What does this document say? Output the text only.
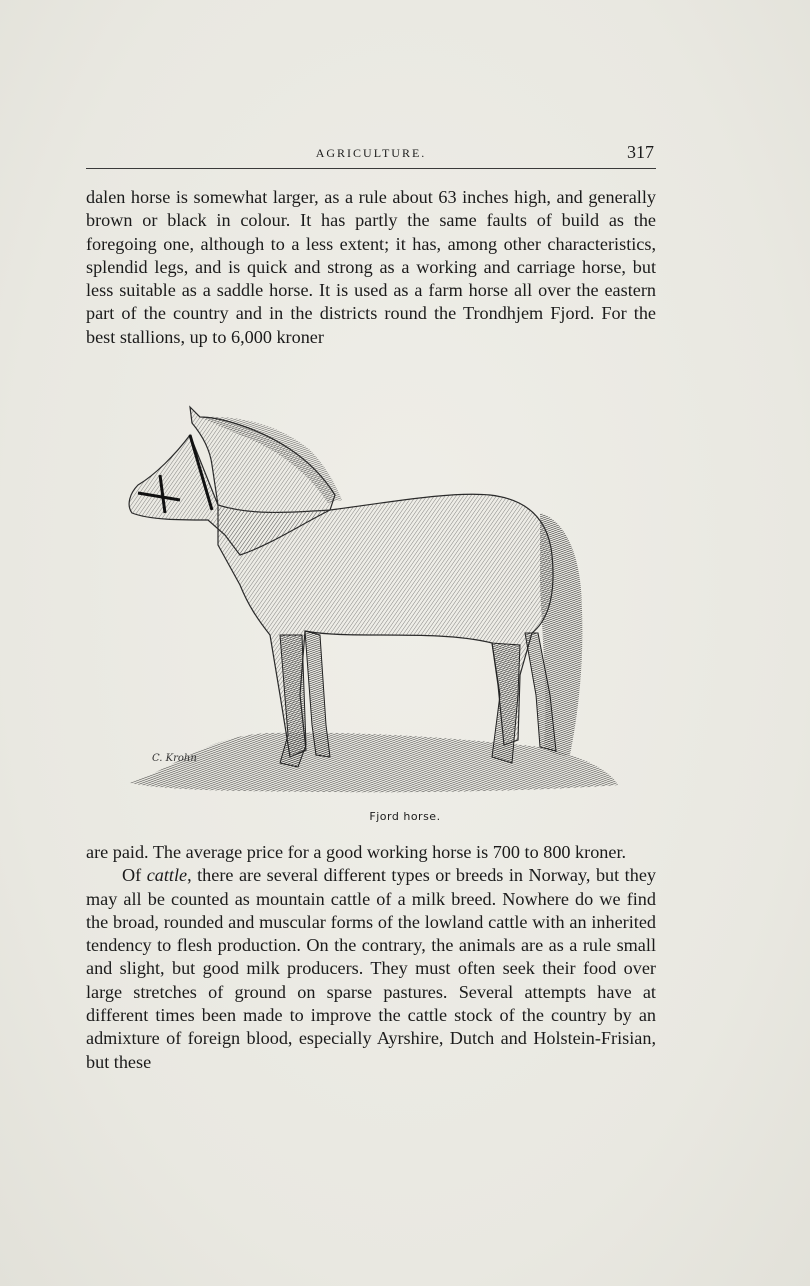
AGRICULTURE.	317

dalen horse is somewhat larger, as a rule about 63 inches high, and generally brown or black in colour. It has partly the same faults of build as the foregoing one, although to a less extent; it has, among other characteristics, splendid legs, and is quick and strong as a working and carriage horse, but less suitable as a saddle horse. It is used as a farm horse all over the eastern part of the country and in the districts round the Trondhjem Fjord. For the best stallions, up to 6,000 kroner

C. Krohn
Fjord horse.

are paid. The average price for a good working horse is 700 to 800 kroner.

Of cattle, there are several different types or breeds in Norway, but they may all be counted as mountain cattle of a milk breed. Nowhere do we find the broad, rounded and muscular forms of the lowland cattle with an inherited tendency to flesh production. On the contrary, the animals are as a rule small and slight, but good milk producers. They must often seek their food over large stretches of ground on sparse pastures. Several attempts have at different times been made to improve the cattle stock of the country by an admixture of foreign blood, especially Ayrshire, Dutch and Holstein-Frisian, but these
